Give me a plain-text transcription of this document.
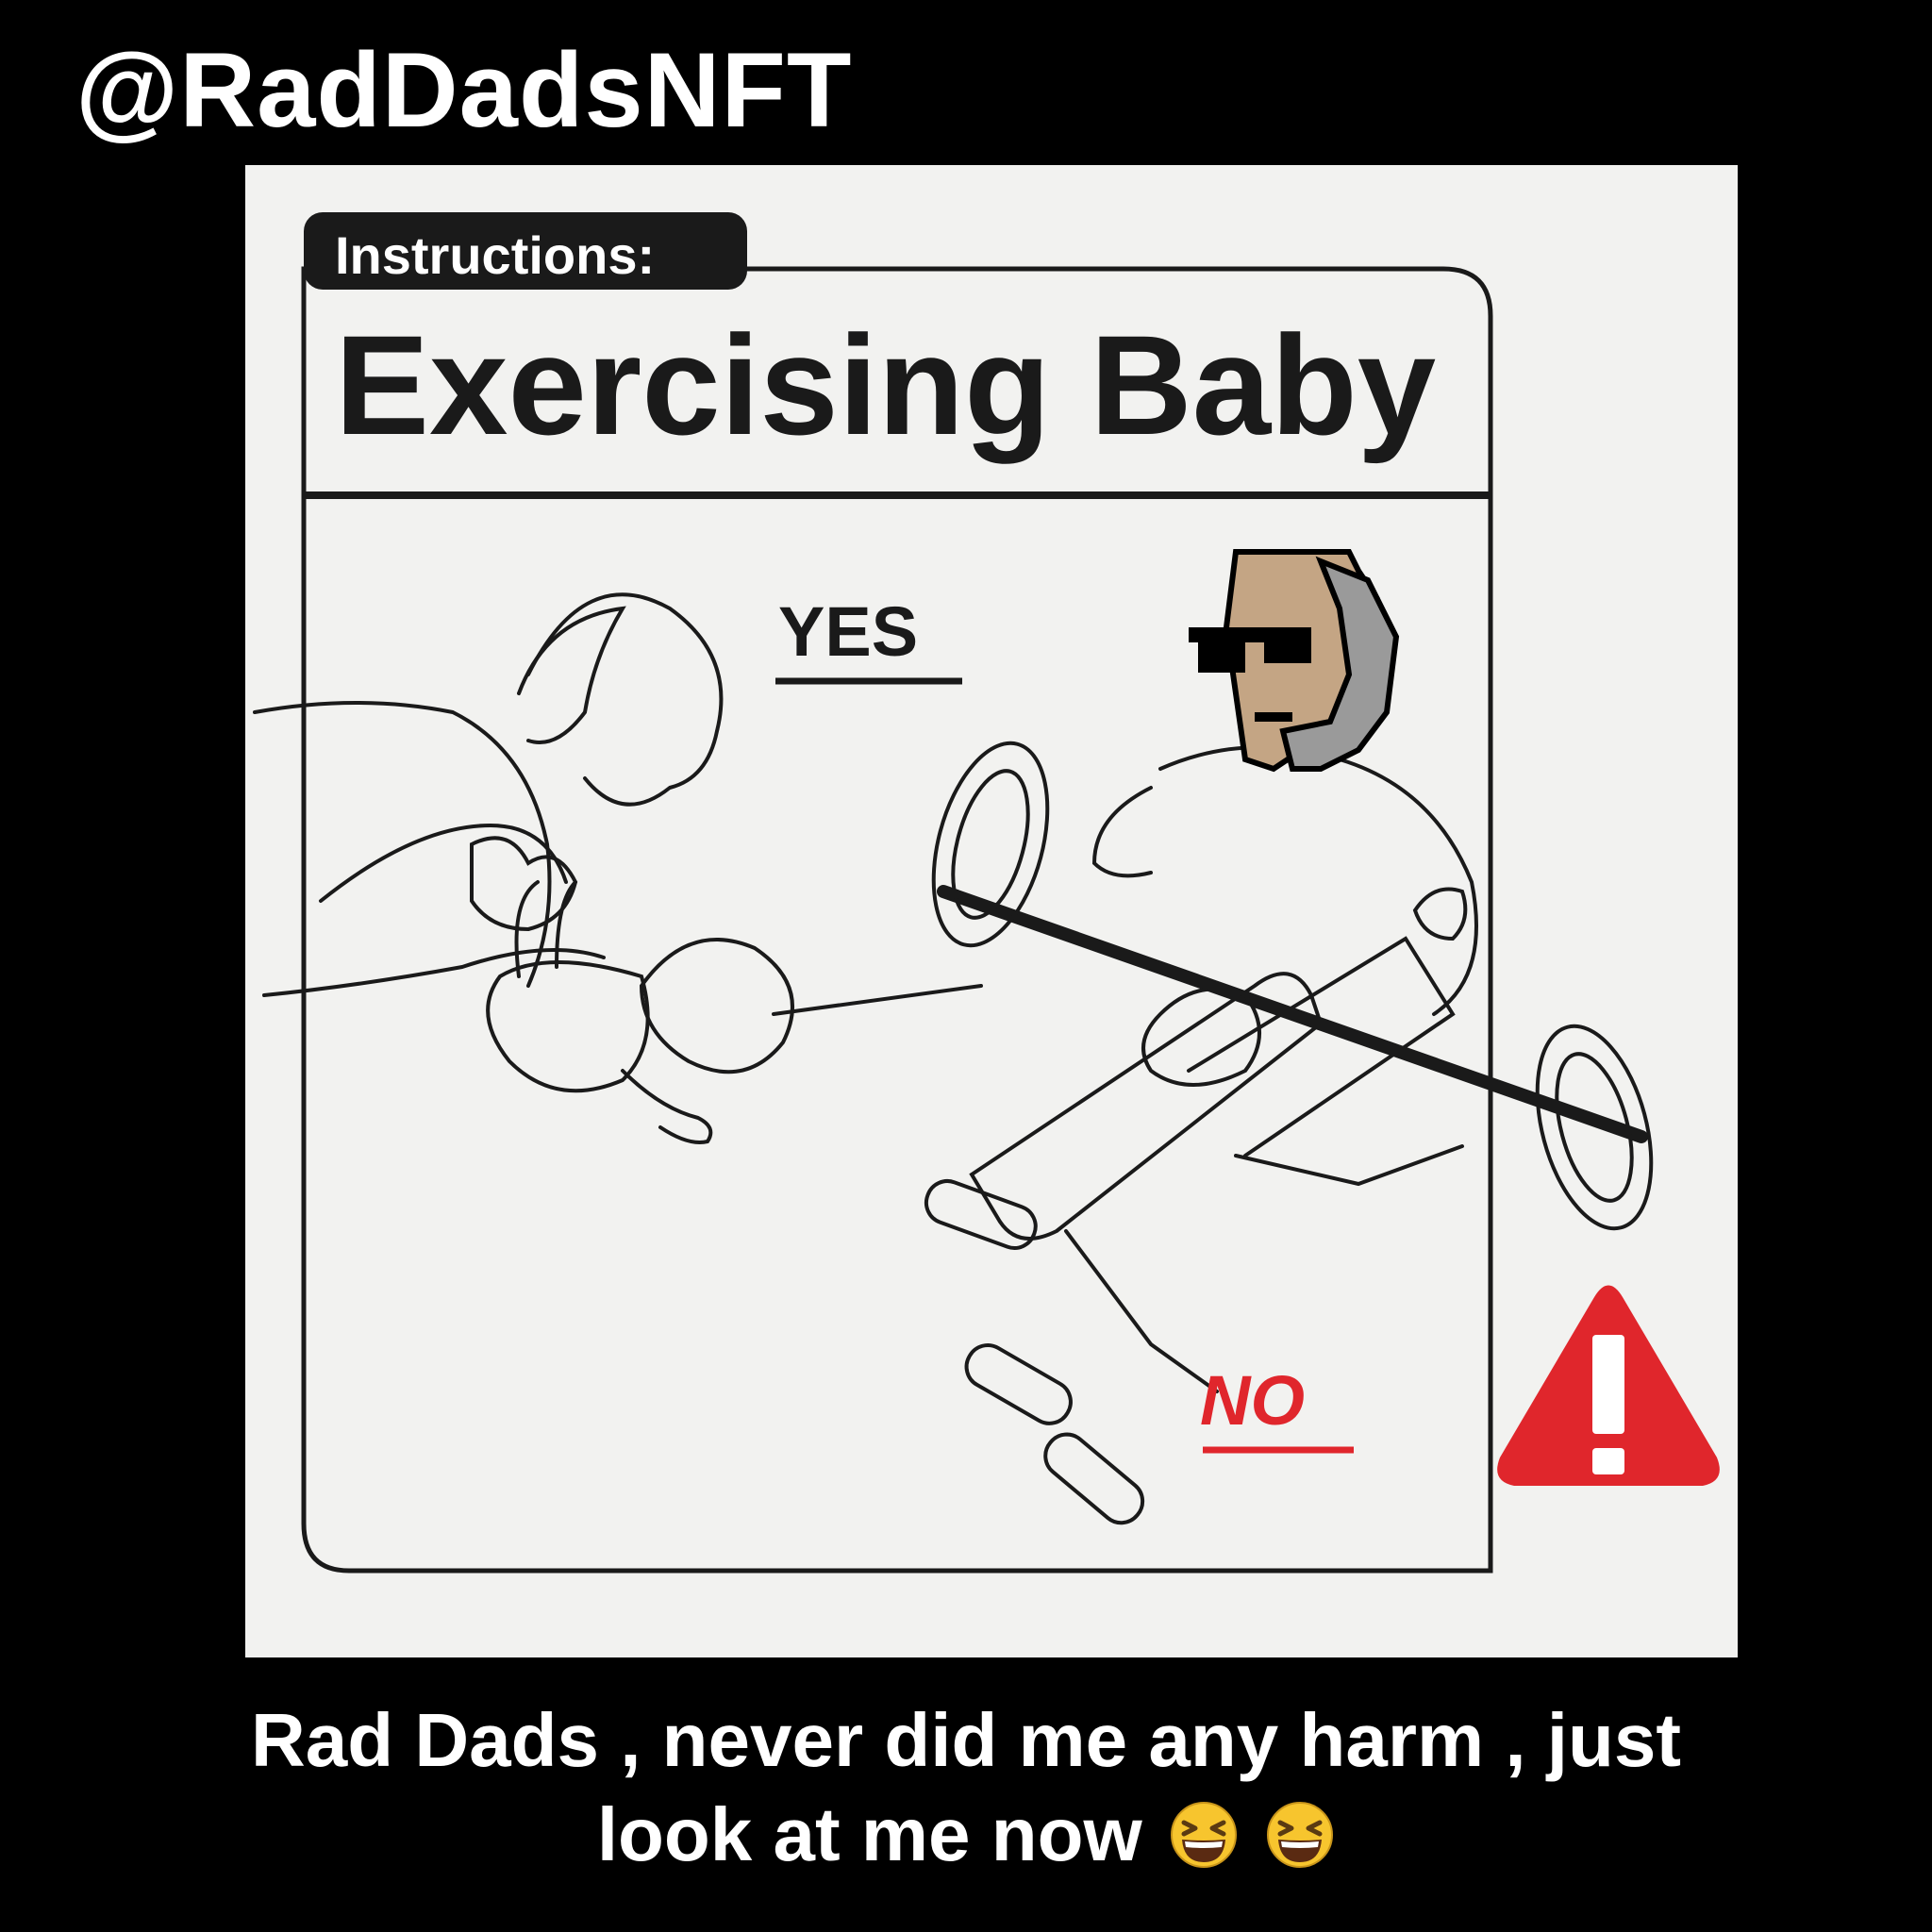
@RadDadsNFT
Instructions:
Exercising Baby
YES
NO
Rad Dads , never did me any harm , just
look at me now
